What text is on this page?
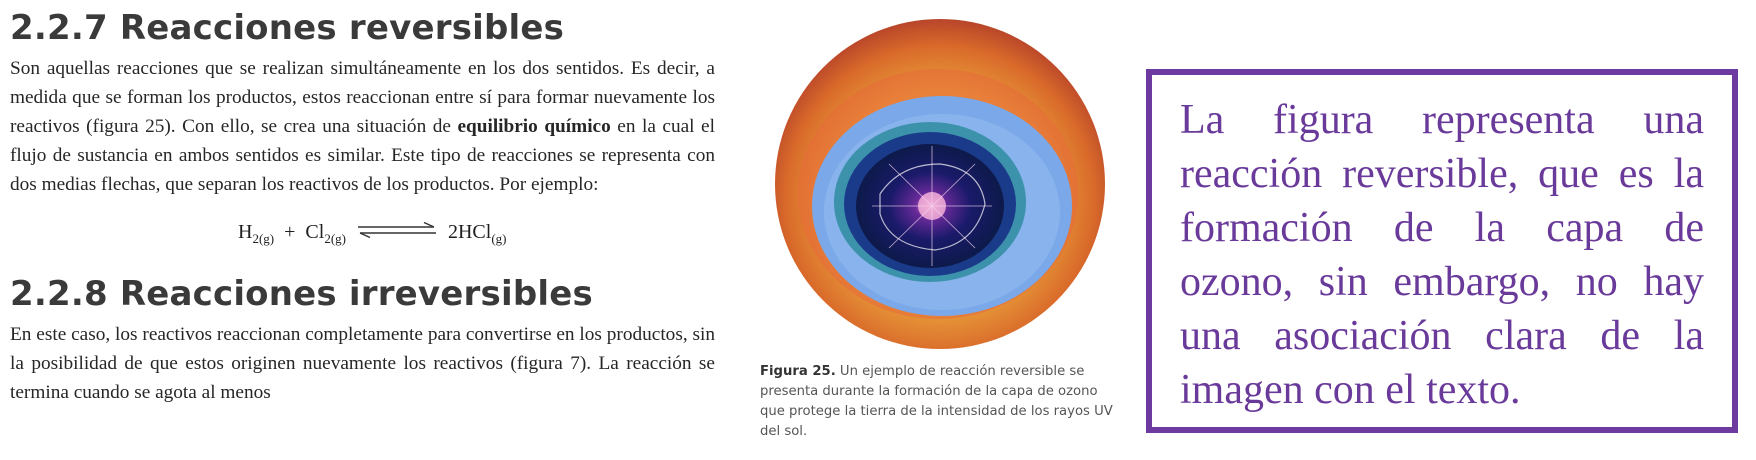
2.2.7 Reacciones reversibles

Son aquellas reacciones que se realizan simultáneamente en los dos sentidos. Es decir, a medida que se forman los productos, estos reaccionan entre sí para formar nuevamente los reactivos (figura 25). Con ello, se crea una situación de equilibrio químico en la cual el flujo de sustancia en ambos sentidos es similar. Este tipo de reacciones se representa con dos medias flechas, que separan los reactivos de los productos. Por ejemplo:

$H_{2(g)} + Cl_{2(g)}$	2HCl$_{(g)}$
2.2.8 Reacciones irreversibles

En este caso, los reactivos reaccionan completamente para convertirse en los productos, sin la posibilidad de que estos originen nuevamente los reactivos (figura 7). La reacción se termina cuando se agota al menos

Figura 25. Un ejemplo de reacción reversible se presenta durante la formación de la capa de ozono que protege la tierra de la intensidad de los rayos UV del sol.

La figura representa una reacción reversible, que es la formación de la capa de ozono, sin embargo, no hay una asociación clara de la imagen con el texto.
